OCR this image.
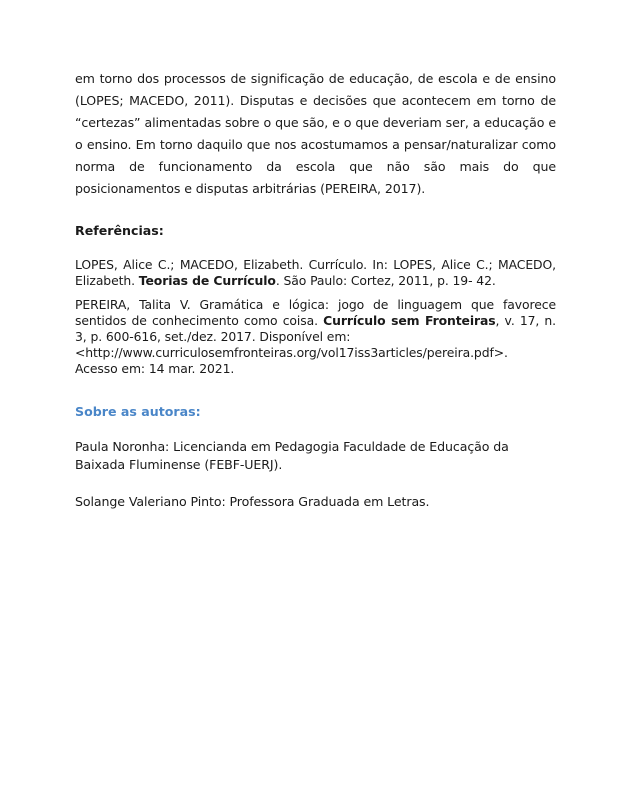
em torno dos processos de significação de educação, de escola e de ensino (LOPES; MACEDO, 2011). Disputas e decisões que acontecem em torno de “certezas” alimentadas sobre o que são, e o que deveriam ser, a educação e o ensino. Em torno daquilo que nos acostumamos a pensar/naturalizar como norma de funcionamento da escola que não são mais do que posicionamentos e disputas arbitrárias (PEREIRA, 2017).

Referências:

LOPES, Alice C.; MACEDO, Elizabeth. Currículo. In: LOPES, Alice C.; MACEDO, Elizabeth. Teorias de Currículo. São Paulo: Cortez, 2011, p. 19- 42.

PEREIRA, Talita V. Gramática e lógica: jogo de linguagem que favorece sentidos de conhecimento como coisa. Currículo sem Fronteiras, v. 17, n. 3, p. 600-616, set./dez. 2017. Disponível em:
<http://www.curriculosemfronteiras.org/vol17iss3articles/pereira.pdf>.
Acesso em: 14 mar. 2021.

Sobre as autoras:

Paula Noronha: Licencianda em Pedagogia Faculdade de Educação da Baixada Fluminense (FEBF-UERJ).

Solange Valeriano Pinto: Professora Graduada em Letras.
